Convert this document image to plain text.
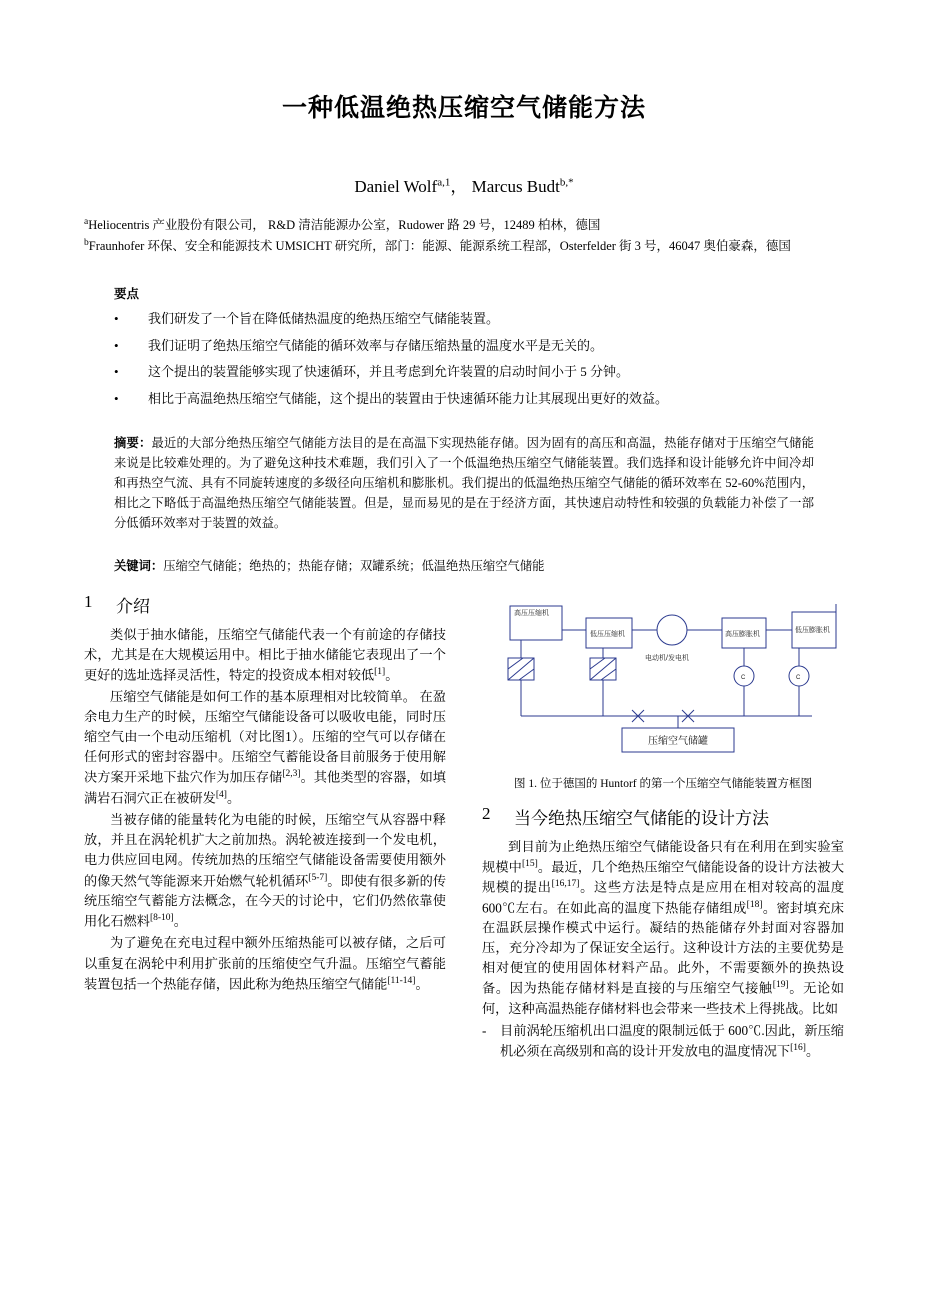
一种低温绝热压缩空气储能方法
Daniel Wolf$^{a,1}$， Marcus Budt$^{b,*}$
$^a$Heliocentris 产业股份有限公司， R&D 清洁能源办公室，Rudower 路 29 号，12489 柏林，德国
$^b$Fraunhofer 环保、安全和能源技术 UMSICHT 研究所，部门：能源、能源系统工程部，Osterfelder 街 3 号，46047 奥伯豪森，德国
要点
•	我们研发了一个旨在降低储热温度的绝热压缩空气储能装置。
•	我们证明了绝热压缩空气储能的循环效率与存储压缩热量的温度水平是无关的。
•	这个提出的装置能够实现了快速循环，并且考虑到允许装置的启动时间小于 5 分钟。
•	相比于高温绝热压缩空气储能，这个提出的装置由于快速循环能力让其展现出更好的效益。
摘要：最近的大部分绝热压缩空气储能方法目的是在高温下实现热能存储。因为固有的高压和高温，热能存储对于压缩空气储能来说是比较难处理的。为了避免这种技术难题，我们引入了一个低温绝热压缩空气储能装置。我们选择和设计能够允许中间冷却和再热空气流、具有不同旋转速度的多级径向压缩机和膨胀机。我们提出的低温绝热压缩空气储能的循环效率在 52-60%范围内，相比之下略低于高温绝热压缩空气储能装置。但是，显而易见的是在于经济方面，其快速启动特性和较强的负载能力补偿了一部分低循环效率对于装置的效益。
关键词：压缩空气储能；绝热的；热能存储；双罐系统；低温绝热压缩空气储能
1	介绍

类似于抽水储能，压缩空气储能代表一个有前途的存储技术，尤其是在大规模运用中。相比于抽水储能它表现出了一个更好的选址选择灵活性，特定的投资成本相对较低[1]。

压缩空气储能是如何工作的基本原理相对比较简单。 在盈余电力生产的时候，压缩空气储能设备可以吸收电能，同时压缩空气由一个电动压缩机（对比图1）。压缩的空气可以存储在任何形式的密封容器中。压缩空气蓄能设备目前服务于使用解决方案开采地下盐穴作为加压存储[2,3]。其他类型的容器，如填满岩石洞穴正在被研发[4]。

当被存储的能量转化为电能的时候，压缩空气从容器中释放，并且在涡轮机扩大之前加热。涡轮被连接到一个发电机，电力供应回电网。传统加热的压缩空气储能设备需要使用额外的像天然气等能源来开始燃气轮机循环[5-7]。即使有很多新的传统压缩空气蓄能方法概念，在今天的讨论中，它们仍然依靠使用化石燃料[8-10]。

为了避免在充电过程中额外压缩热能可以被存储，之后可以重复在涡轮中利用扩张前的压缩使空气升温。压缩空气蓄能装置包括一个热能存储，因此称为绝热压缩空气储能[11-14]。

高压压缩机
低压压缩机
电动机/发电机
高压膨胀机
低压膨胀机
C	C
压缩空气储罐
图 1. 位于德国的 Huntorf 的第一个压缩空气储能装置方框图
2	当今绝热压缩空气储能的设计方法

到目前为止绝热压缩空气储能设备只有在利用在到实验室规模中[15]。最近，几个绝热压缩空气储能设备的设计方法被大规模的提出[16,17]。这些方法是特点是应用在相对较高的温度 600℃左右。在如此高的温度下热能存储组成[18]。密封填充床在温跃层操作模式中运行。凝结的热能储存外封面对容器加压，充分冷却为了保证安全运行。这种设计方法的主要优势是相对便宜的使用固体材料产品。此外，不需要额外的换热设备。因为热能存储材料是直接的与压缩空气接触[19]。无论如何，这种高温热能存储材料也会带来一些技术上得挑战。比如

-	目前涡轮压缩机出口温度的限制远低于 600℃.因此，新压缩机必须在高级别和高的设计开发放电的温度情况下[16]。
